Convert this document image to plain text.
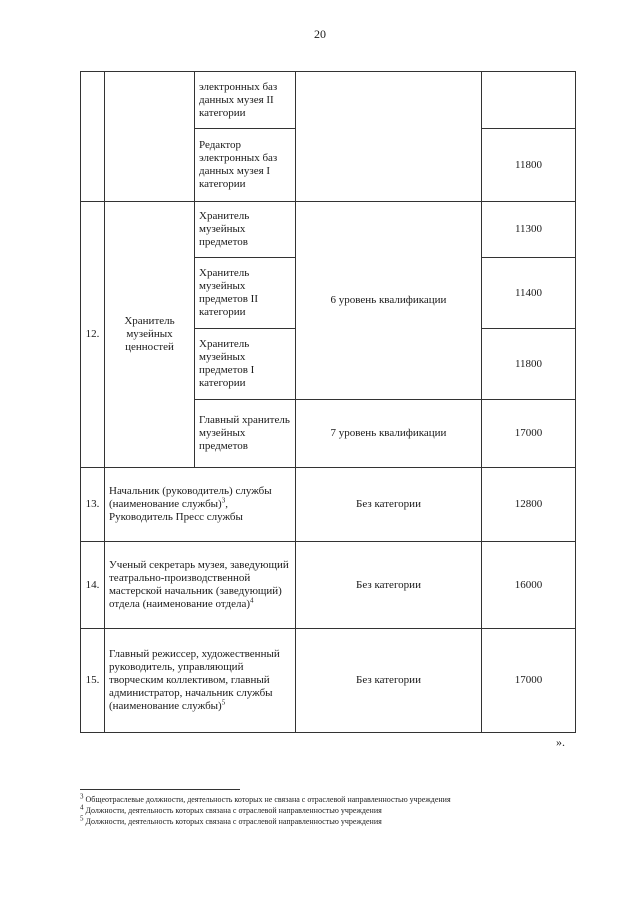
20
		электронных баз данных музея II категории		
		Редактор электронных баз данных музея I категории		11800
12.	Хранитель музейных ценностей	Хранитель музейных предметов	6 уровень квалификации	11300
		Хранитель музейных предметов II категории		11400
		Хранитель музейных предметов I категории		11800
		Главный хранитель музейных предметов	7 уровень квалификации	17000
13.	Начальник (руководитель) службы (наименование службы)$^3$, Руководитель Пресс службы		Без категории	12800
14.	Ученый секретарь музея, заведующий театрально-производственной мастерской начальник (заведующий) отдела (наименование отдела)$^4$		Без категории	16000
15.	Главный режиссер, художественный руководитель, управляющий творческим коллективом, главный администратор, начальник службы (наименование службы)$^5$		Без категории	17000
».
$^3$ Общеотраслевые должности, деятельность которых не связана с отраслевой направленностью учреждения
$^4$ Должности, деятельность которых связана с отраслевой направленностью учреждения
$^5$ Должности, деятельность которых связана с отраслевой направленностью учреждения
